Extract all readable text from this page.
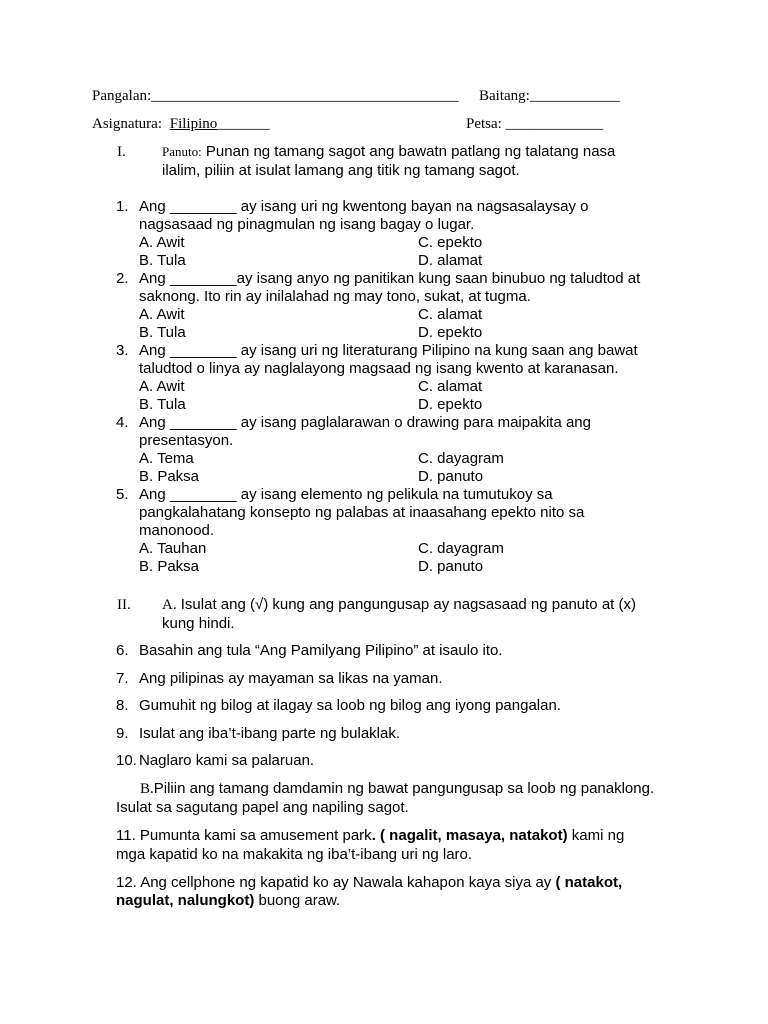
Pangalan:_________________________________________ Baitang:____________
Asignatura: Filipino_______	Petsa: _____________
I.	Panuto: Punan ng tamang sagot ang bawatn patlang ng talatang nasa
ilalim, piliin at isulat lamang ang titik ng tamang sagot.
1. Ang ________ ay isang uri ng kwentong bayan na nagsasalaysay o
nagsasaad ng pinagmulan ng isang bagay o lugar.
A. Awit	C. epekto
B. Tula	D. alamat
2. Ang ________ay isang anyo ng panitikan kung saan binubuo ng taludtod at
saknong. Ito rin ay inilalahad ng may tono, sukat, at tugma.
A. Awit	C. alamat
B. Tula	D. epekto
3. Ang ________ ay isang uri ng literaturang Pilipino na kung saan ang bawat
taludtod o linya ay naglalayong magsaad ng isang kwento at karanasan.
A. Awit	C. alamat
B. Tula	D. epekto
4. Ang ________ ay isang paglalarawan o drawing para maipakita ang
presentasyon.
A. Tema	C. dayagram
B. Paksa	D. panuto
5. Ang ________ ay isang elemento ng pelikula na tumutukoy sa
pangkalahatang konsepto ng palabas at inaasahang epekto nito sa
manonood.
A. Tauhan	C. dayagram
B. Paksa	D. panuto
II. A. Isulat ang (√) kung ang pangungusap ay nagsasaad ng panuto at (x)
kung hindi.
6. Basahin ang tula “Ang Pamilyang Pilipino” at isaulo ito.
7. Ang pilipinas ay mayaman sa likas na yaman.
8. Gumuhit ng bilog at ilagay sa loob ng bilog ang iyong pangalan.
9. Isulat ang iba’t-ibang parte ng bulaklak.
10. Naglaro kami sa palaruan.
B.Piliin ang tamang damdamin ng bawat pangungusap sa loob ng panaklong.
Isulat sa sagutang papel ang napiling sagot.
11. Pumunta kami sa amusement park. ( nagalit, masaya, natakot) kami ng
mga kapatid ko na makakita ng iba’t-ibang uri ng laro.
12. Ang cellphone ng kapatid ko ay Nawala kahapon kaya siya ay ( natakot,
nagulat, nalungkot) buong araw.
